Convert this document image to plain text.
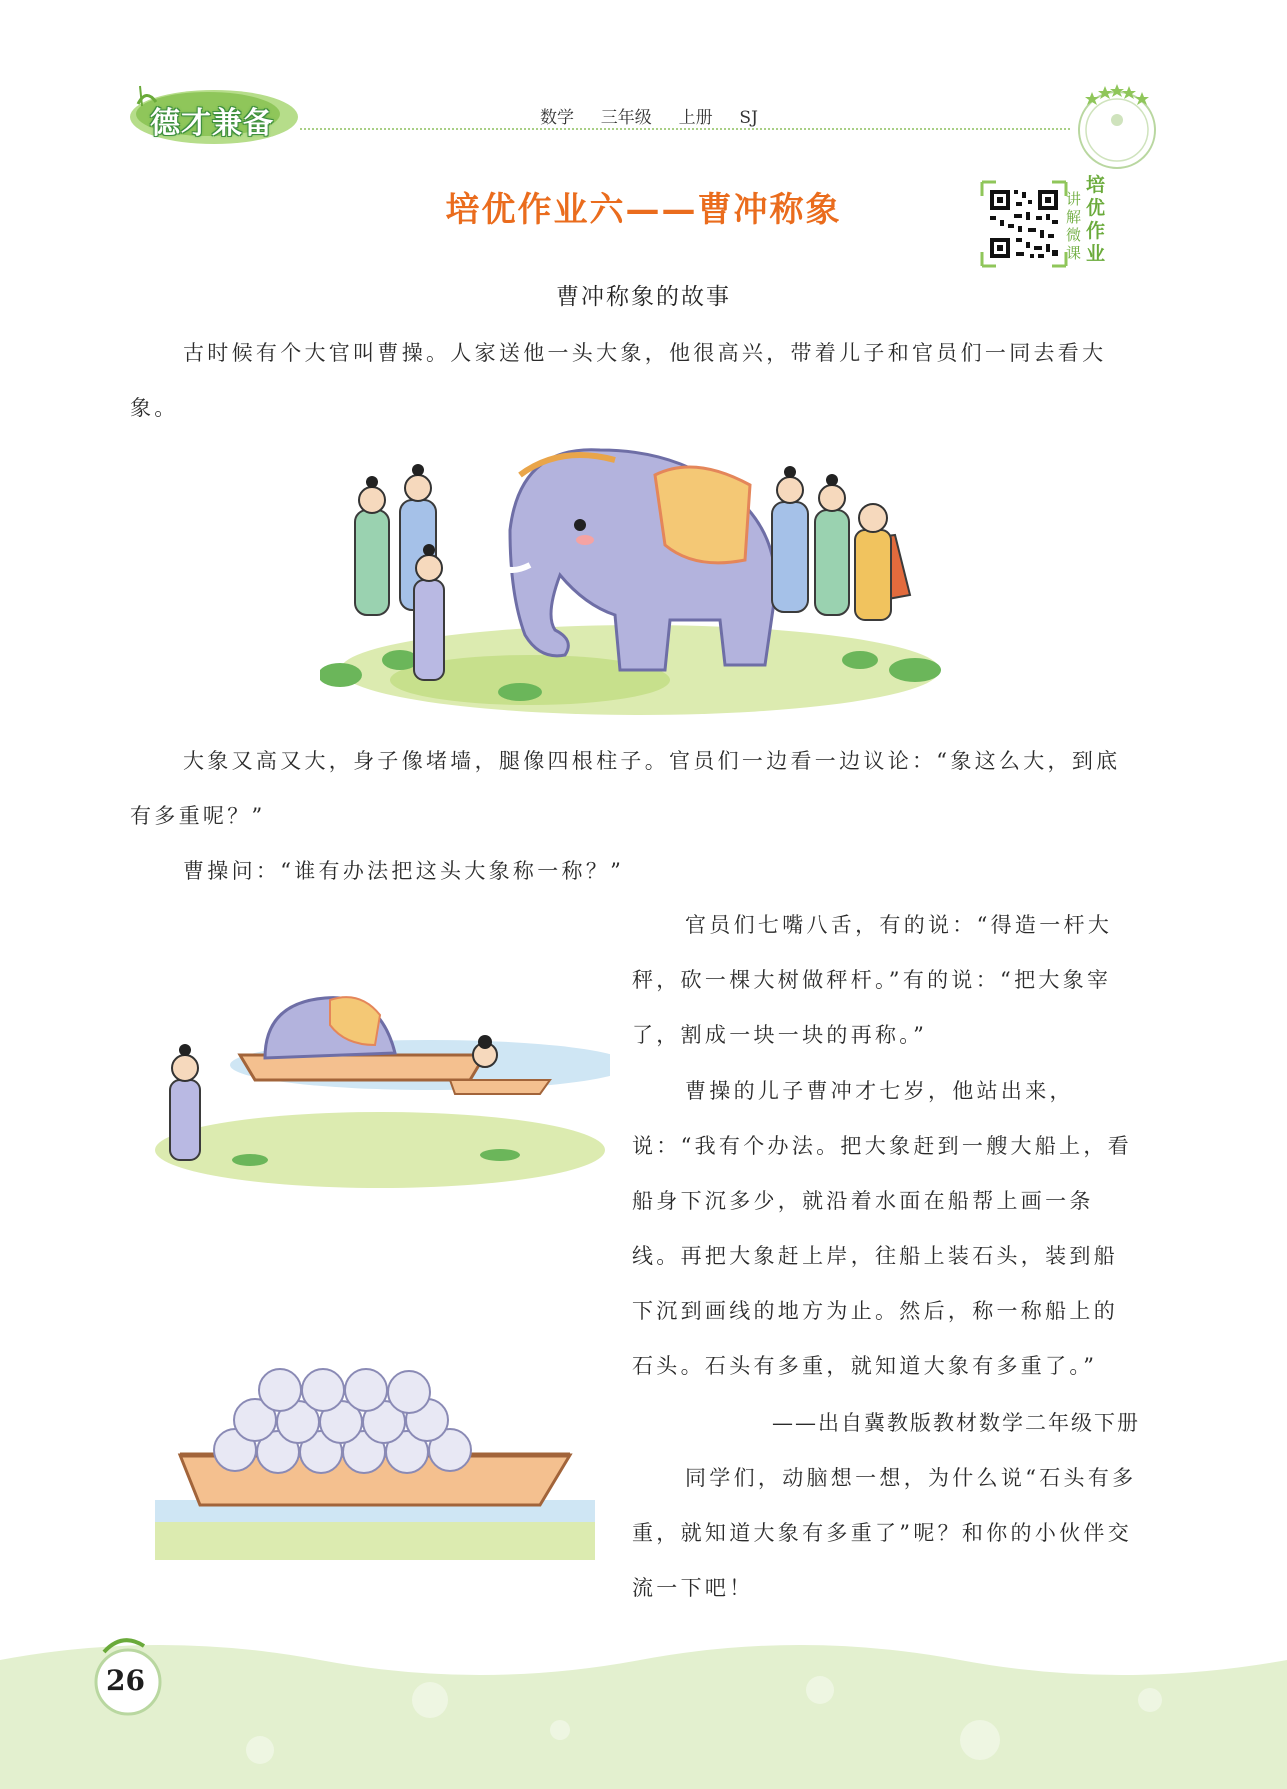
德才兼备	数学  三年级  上册  SJ
培优作业六——曹冲称象	讲解微课
培优作业
曹冲称象的故事
古时候有个大官叫曹操。人家送他一头大象，他很高兴，带着儿子和官员们一同去看大象。
大象又高又大，身子像堵墙，腿像四根柱子。官员们一边看一边议论：“象这么大，到底有多重呢？”
曹操问：“谁有办法把这头大象称一称？”
官员们七嘴八舌，有的说：“得造一杆大秤，砍一棵大树做秤杆。”有的说：“把大象宰了，割成一块一块的再称。”
曹操的儿子曹冲才七岁，他站出来，说：“我有个办法。把大象赶到一艘大船上，看船身下沉多少，就沿着水面在船帮上画一条线。再把大象赶上岸，往船上装石头，装到船下沉到画线的地方为止。然后，称一称船上的石头。石头有多重，就知道大象有多重了。”
——出自冀教版教材数学二年级下册
同学们，动脑想一想，为什么说“石头有多重，就知道大象有多重了”呢？和你的小伙伴交流一下吧！
26
